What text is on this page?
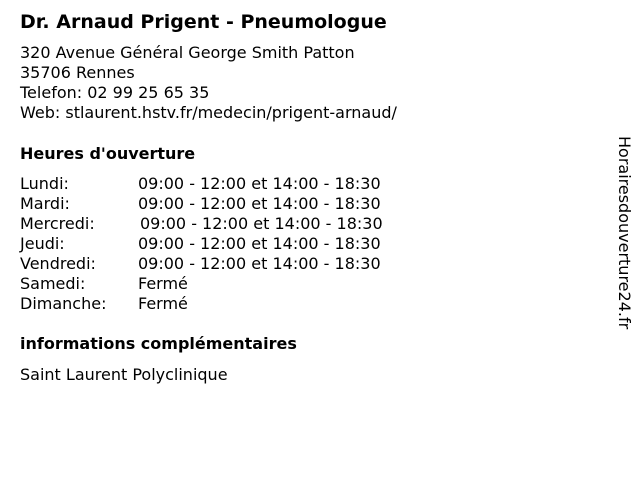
Dr. Arnaud Prigent - Pneumologue
320 Avenue Général George Smith Patton
35706 Rennes
Telefon: 02 99 25 65 35
Web: stlaurent.hstv.fr/medecin/prigent-arnaud/
Heures d'ouverture
Lundi:	09:00 - 12:00 et 14:00 - 18:30
Mardi:	09:00 - 12:00 et 14:00 - 18:30
Mercredi:	09:00 - 12:00 et 14:00 - 18:30
Jeudi:	09:00 - 12:00 et 14:00 - 18:30
Vendredi:	09:00 - 12:00 et 14:00 - 18:30
Samedi:	Fermé
Dimanche: Fermé
informations complémentaires
Saint Laurent Polyclinique
Horairesdouverture24.fr
